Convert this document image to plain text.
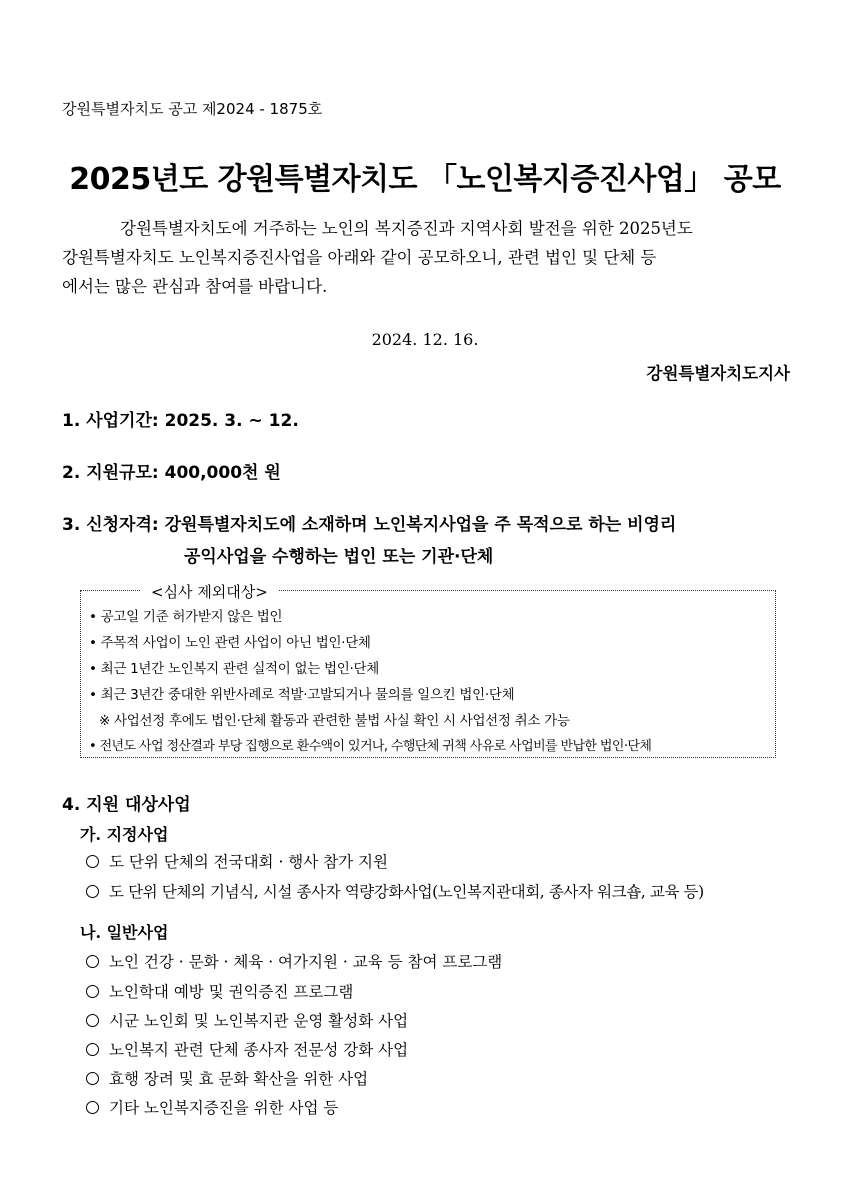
강원특별자치도 공고 제2024 - 1875호
2025년도 강원특별자치도 「노인복지증진사업」 공모
강원특별자치도에 거주하는 노인의 복지증진과 지역사회 발전을 위한 2025년도
강원특별자치도 노인복지증진사업을 아래와 같이 공모하오니, 관련 법인 및 단체 등
에서는 많은 관심과 참여를 바랍니다.
2024. 12. 16.
강원특별자치도지사
1. 사업기간: 2025. 3. ~ 12.
2. 지원규모: 400,000천 원
3. 신청자격: 강원특별자치도에 소재하며 노인복지사업을 주 목적으로 하는 비영리
공익사업을 수행하는 법인 또는 기관·단체
<심사 제외대상>
• 공고일 기준 허가받지 않은 법인
• 주목적 사업이 노인 관련 사업이 아닌 법인·단체
• 최근 1년간 노인복지 관련 실적이 없는 법인·단체
• 최근 3년간 중대한 위반사례로 적발·고발되거나 물의를 일으킨 법인·단체
※ 사업선정 후에도 법인·단체 활동과 관련한 불법 사실 확인 시 사업선정 취소 가능
• 전년도 사업 정산결과 부당 집행으로 환수액이 있거나, 수행단체 귀책 사유로 사업비를 반납한 법인·단체
4. 지원 대상사업
가. 지정사업
도 단위 단체의 전국대회 · 행사 참가 지원
도 단위 단체의 기념식, 시설 종사자 역량강화사업(노인복지관대회, 종사자 워크숍, 교육 등)
나. 일반사업
노인 건강 · 문화 · 체육 · 여가지원 · 교육 등 참여 프로그램
노인학대 예방 및 권익증진 프로그램
시군 노인회 및 노인복지관 운영 활성화 사업
노인복지 관련 단체 종사자 전문성 강화 사업
효행 장려 및 효 문화 확산을 위한 사업
기타 노인복지증진을 위한 사업 등
